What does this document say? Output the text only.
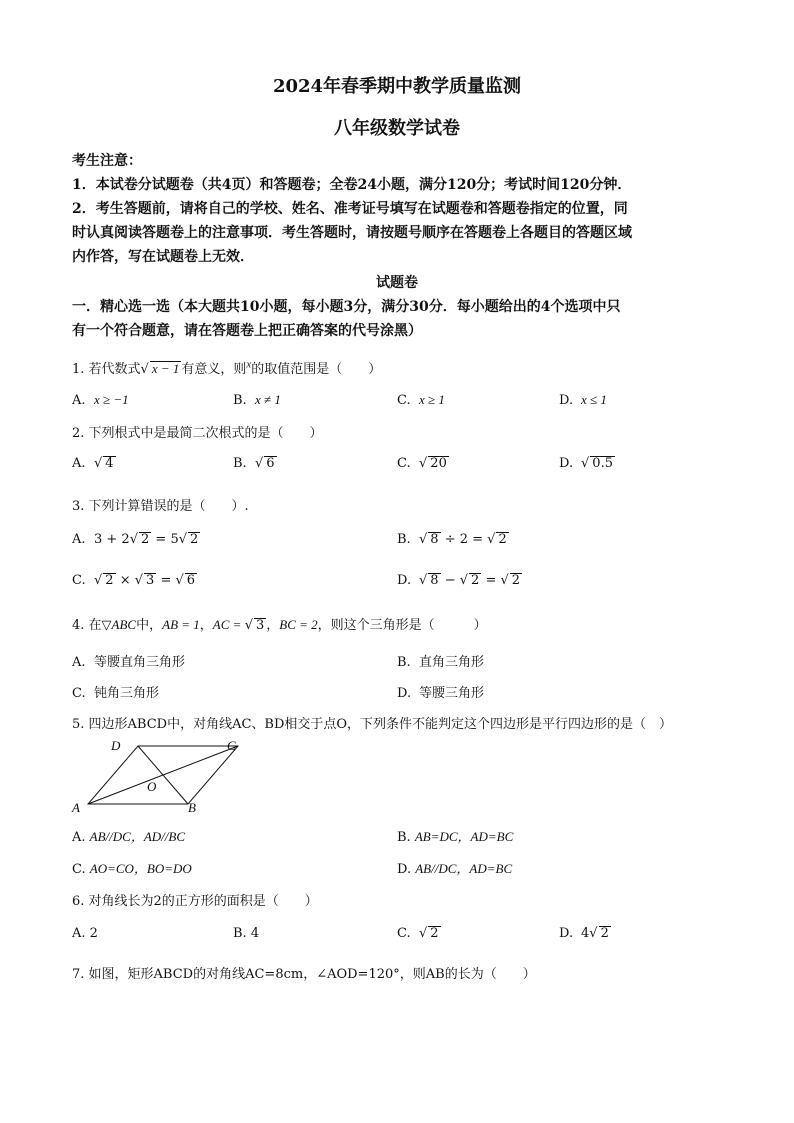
2024年春季期中教学质量监测
八年级数学试卷
考生注意：
1．本试卷分试题卷（共4页）和答题卷；全卷24小题，满分120分；考试时间120分钟．
2．考生答题前，请将自己的学校、姓名、准考证号填写在试题卷和答题卷指定的位置，同
时认真阅读答题卷上的注意事项．考生答题时，请按题号顺序在答题卷上各题目的答题区域
内作答，写在试题卷上无效．
试题卷
一．精心选一选（本大题共10小题，每小题3分，满分30分．每小题给出的4个选项中只
有一个符合题意，请在答题卷上把正确答案的代号涂黑）
1. 若代数式√ x − 1 有意义，则$^x$的取值范围是（　　）
A. x ≥ −1	B. x ≠ 1	C. x ≥ 1	D. x ≤ 1
2. 下列根式中是最简二次根式的是（　　）
A. √ 4	B. √ 6	C. √ 20	D. √ 0.5
3. 下列计算错误的是（　　）.
A. 3 + 2√ 2 = 5√ 2	B. √ 8 ÷ 2 = √ 2
C. √ 2 × √ 3 = √ 6	D. √ 8 − √ 2 = √ 2
4. 在▽ABC中，AB = 1，AC = √ 3 ，BC = 2，则这个三角形是（　　　）
A. 等腰直角三角形	B. 直角三角形
C. 钝角三角形	D. 等腰三角形
5. 四边形ABCD中，对角线AC、BD相交于点O，下列条件不能判定这个四边形是平行四边形的是（　）
A	B
C
D
O
A. AB//DC，AD//BC	B. AB=DC，AD=BC
C. AO=CO，BO=DO	D. AB//DC，AD=BC
6. 对角线长为2的正方形的面积是（　　）
A. 2	B. 4	C. √ 2	D. 4√ 2
7. 如图，矩形ABCD的对角线AC=8cm，∠AOD=120°，则AB的长为（　　）
